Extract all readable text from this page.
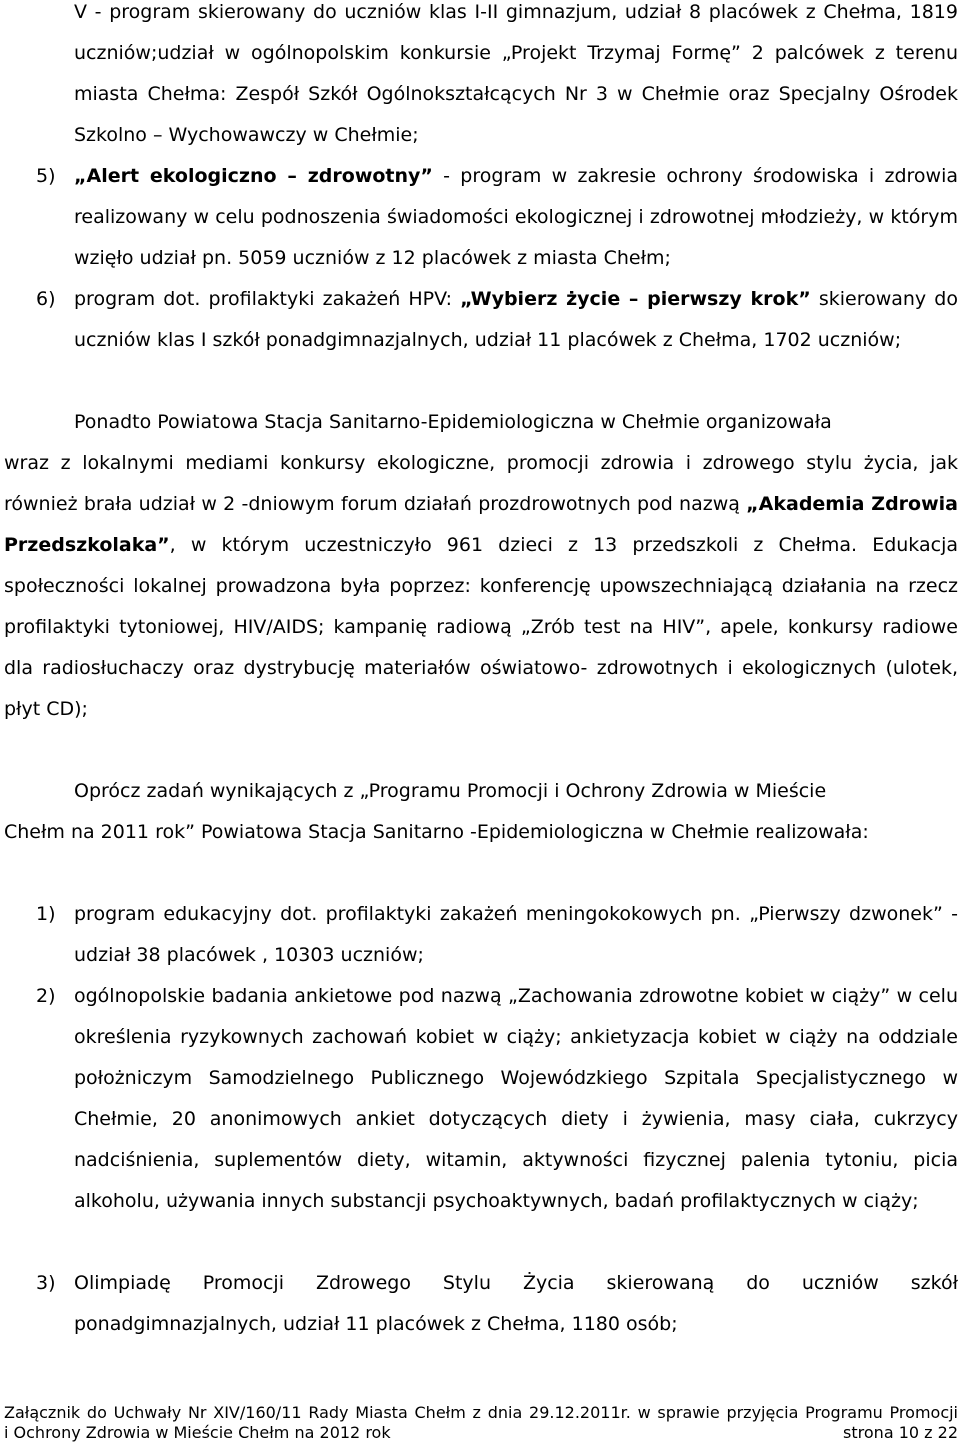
V - program skierowany do uczniów klas I-II gimnazjum, udział 8 placówek z Chełma, 1819 uczniów;udział w ogólnopolskim konkursie „Projekt Trzymaj Formę” 2 palcówek z terenu miasta Chełma: Zespół Szkół Ogólnokształcących Nr 3 w Chełmie oraz Specjalny Ośrodek Szkolno – Wychowawczy w Chełmie;

5) „Alert ekologiczno – zdrowotny” - program w zakresie ochrony środowiska i zdrowia realizowany w celu podnoszenia świadomości ekologicznej i zdrowotnej młodzieży, w którym wzięło udział pn. 5059 uczniów z 12 placówek z miasta Chełm;

6) program dot. profilaktyki zakażeń HPV: „Wybierz życie – pierwszy krok” skierowany do uczniów klas I szkół ponadgimnazjalnych, udział 11 placówek z Chełma, 1702 uczniów;

Ponadto Powiatowa Stacja Sanitarno-Epidemiologiczna w Chełmie organizowała

wraz z lokalnymi mediami konkursy ekologiczne, promocji zdrowia i zdrowego stylu życia, jak również brała udział w 2 -dniowym forum działań prozdrowotnych pod nazwą „Akademia Zdrowia Przedszkolaka”, w którym uczestniczyło 961 dzieci z 13 przedszkoli z Chełma. Edukacja społeczności lokalnej prowadzona była poprzez: konferencję upowszechniającą działania na rzecz profilaktyki tytoniowej, HIV/AIDS; kampanię radiową „Zrób test na HIV”, apele, konkursy radiowe dla radiosłuchaczy oraz dystrybucję materiałów oświatowo- zdrowotnych i ekologicznych (ulotek, płyt CD);

Oprócz zadań wynikających z „Programu Promocji i Ochrony Zdrowia w Mieście

Chełm na 2011 rok” Powiatowa Stacja Sanitarno -Epidemiologiczna w Chełmie realizowała:

1) program edukacyjny dot. profilaktyki zakażeń meningokokowych pn. „Pierwszy dzwonek” - udział 38 placówek , 10303 uczniów;

2) ogólnopolskie badania ankietowe pod nazwą „Zachowania zdrowotne kobiet w ciąży” w celu określenia ryzykownych zachowań kobiet w ciąży; ankietyzacja kobiet w ciąży na oddziale położniczym Samodzielnego Publicznego Wojewódzkiego Szpitala Specjalistycznego w Chełmie, 20 anonimowych ankiet dotyczących diety i żywienia, masy ciała, cukrzycy nadciśnienia, suplementów diety, witamin, aktywności fizycznej palenia tytoniu, picia alkoholu, używania innych substancji psychoaktywnych, badań profilaktycznych w ciąży;

3) Olimpiadę Promocji Zdrowego Stylu Życia skierowaną do uczniów szkół ponadgimnazjalnych, udział 11 placówek z Chełma, 1180 osób;

Załącznik do Uchwały Nr XIV/160/11 Rady Miasta Chełm z dnia 29.12.2011r. w sprawie przyjęcia Programu Promocji
i Ochrony Zdrowia w Mieście Chełm na 2012 rok	strona 10 z 22
